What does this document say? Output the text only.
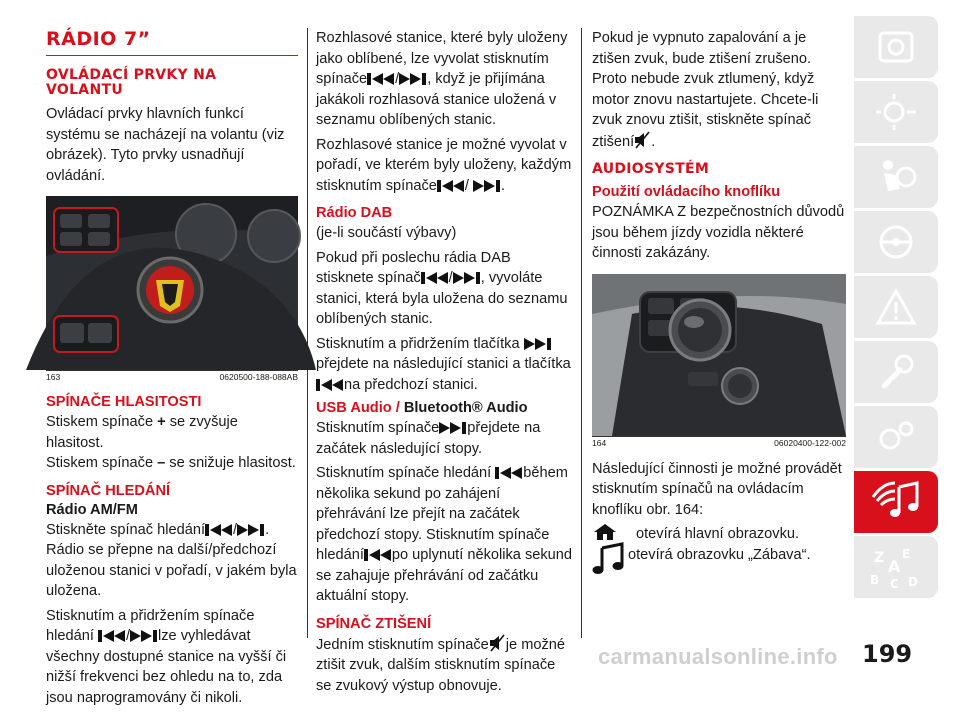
RÁDIO 7”
OVLÁDACÍ PRVKY NA VOLANTU

Ovládací prvky hlavních funkcí systému se nacházejí na volantu (viz obrázek). Tyto prvky usnadňují ovládání.

163	0620500-188-088AB
SPÍNAČE HLASITOSTI

Stiskem spínače + se zvyšuje hlasitost.
Stiskem spínače – se snižuje hlasitost.

SPÍNAČ HLEDÁNÍ
Rádio AM/FM

Stiskněte spínač hledání / . Rádio se přepne na další/předchozí uloženou stanici v pořadí, v jakém byla uložena.

Stisknutím a přidržením spínače hledání / lze vyhledávat všechny dostupné stanice na vyšší či nižší frekvenci bez ohledu na to, zda jsou naprogramovány či nikoli.

Rozhlasové stanice, které byly uloženy jako oblíbené, lze vyvolat stisknutím spínače / , když je přijímána jakákoli rozhlasová stanice uložená v seznamu oblíbených stanic.

Rozhlasové stanice je možné vyvolat v pořadí, ve kterém byly uloženy, každým stisknutím spínače / .

Rádio DAB

(je-li součástí výbavy)

Pokud při poslechu rádia DAB stisknete spínač / , vyvoláte stanici, která byla uložena do seznamu oblíbených stanic.

Stisknutím a přidržením tlačítka přejdete na následující stanici a tlačítka na předchozí stanici.

USB Audio / Bluetooth® Audio

Stisknutím spínače přejdete na začátek následující stopy.

Stisknutím spínače hledání během několika sekund po zahájení přehrávání lze přejít na začátek předchozí stopy. Stisknutím spínače hledání po uplynutí několika sekund se zahajuje přehrávání od začátku aktuální stopy.

SPÍNAČ ZTIŠENÍ

Jedním stisknutím spínače je možné ztišit zvuk, dalším stisknutím spínače se zvukový výstup obnovuje.

Pokud je vypnuto zapalování a je ztišen zvuk, bude ztišení zrušeno. Proto nebude zvuk ztlumený, když motor znovu nastartujete. Chcete-li zvuk znovu ztišit, stiskněte spínač ztišení .

AUDIOSYSTÉM
Použití ovládacího knoflíku

POZNÁMKA Z bezpečnostních důvodů jsou během jízdy vozidla některé činnosti zakázány.

164	06020400-122-002

Následující činnosti je možné provádět stisknutím spínačů na ovládacím knoflíku obr. 164:

otevírá hlavní obrazovku.
otevírá obrazovku „Zábava“.	Z E
A
B C D
carmanualsonline.info 199
